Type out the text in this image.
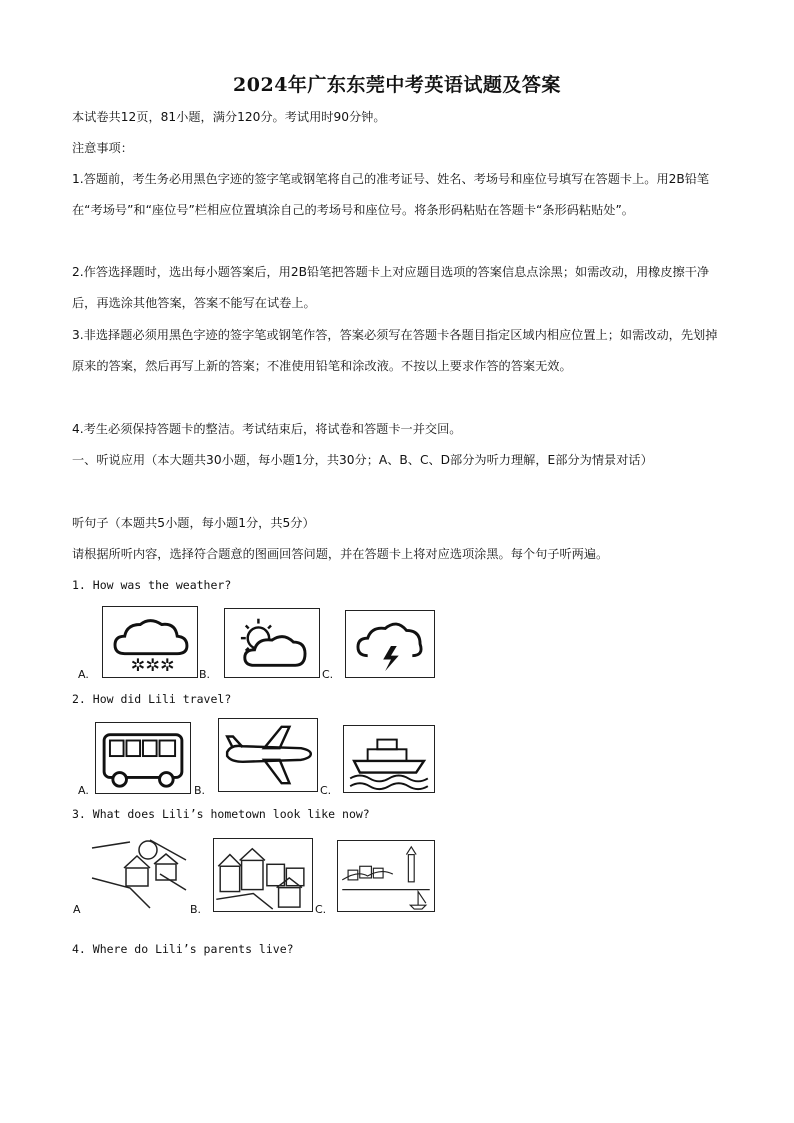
2024年广东东莞中考英语试题及答案
本试卷共12页，81小题，满分120分。考试用时90分钟。
注意事项：
1.答题前，考生务必用黑色字迹的签字笔或钢笔将自己的准考证号、姓名、考场号和座位号填写在答题卡上。用2B铅笔在“考场号”和“座位号”栏相应位置填涂自己的考场号和座位号。将条形码粘贴在答题卡“条形码粘贴处”。
2.作答选择题时，选出每小题答案后，用2B铅笔把答题卡上对应题目选项的答案信息点涂黑；如需改动，用橡皮擦干净后，再选涂其他答案，答案不能写在试卷上。
3.非选择题必须用黑色字迹的签字笔或钢笔作答，答案必须写在答题卡各题目指定区域内相应位置上；如需改动，先划掉原来的答案，然后再写上新的答案；不准使用铅笔和涂改液。不按以上要求作答的答案无效。
4.考生必须保持答题卡的整洁。考试结束后，将试卷和答题卡一并交回。
一、听说应用（本大题共30小题，每小题1分，共30分；A、B、C、D部分为听力理解，E部分为情景对话）
听句子（本题共5小题，每小题1分，共5分）
请根据所听内容，选择符合题意的图画回答问题，并在答题卡上将对应选项涂黑。每个句子听两遍。
1. How was the weather?
A. ✲✲✲ B.	C.
2. How did Lili travel?
A.	B.	C.
3. What does Lili’s hometown look like now?
A	B.	C.
4. Where do Lili’s parents live?
